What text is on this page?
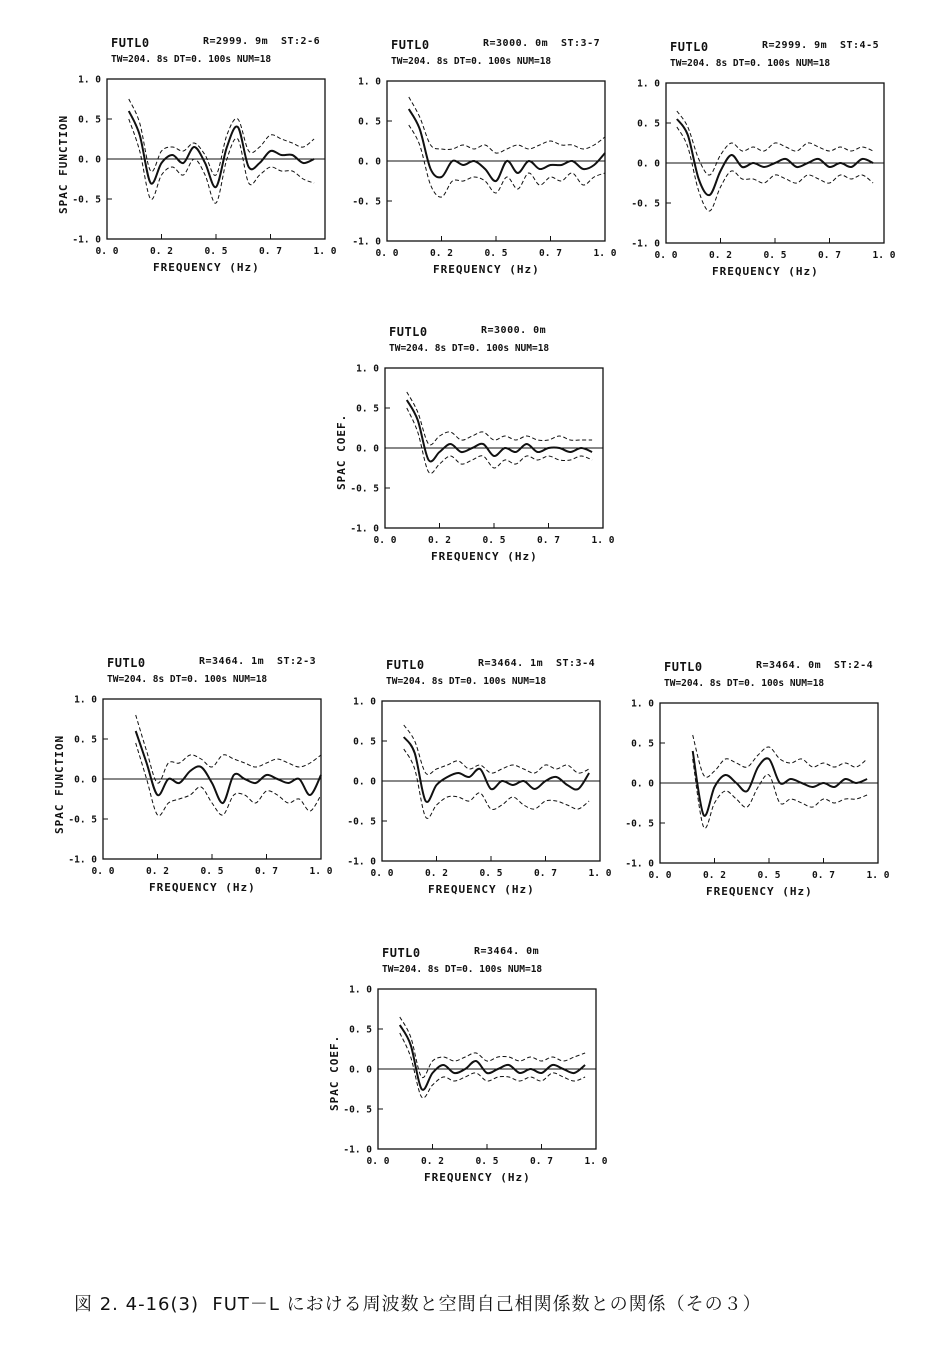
FUTL0	R=2999. 9m ST:2-6
TW=204. 8s DT=0. 100s NUM=18
SPAC FUNCTION
FREQUENCY (Hz)
1. 0
0. 5
0. 0
-0. 5
-1. 0
0. 0	0. 2	0. 5	0. 7	1. 0
FUTL0	R=3000. 0m ST:3-7
TW=204. 8s DT=0. 100s NUM=18
FREQUENCY (Hz)
1. 0
0. 5
0. 0
-0. 5
-1. 0
0. 0	0. 2	0. 5	0. 7	1. 0
FUTL0	R=2999. 9m ST:4-5
TW=204. 8s DT=0. 100s NUM=18
FREQUENCY (Hz)
1. 0
0. 5
0. 0
-0. 5
-1. 0
0. 0	0. 2	0. 5	0. 7	1. 0
FUTL0	R=3000. 0m
TW=204. 8s DT=0. 100s NUM=18
SPAC COEF.
FREQUENCY (Hz)
1. 0
0. 5
0. 0
-0. 5
-1. 0
0. 0	0. 2	0. 5	0. 7	1. 0
FUTL0	R=3464. 1m ST:2-3
TW=204. 8s DT=0. 100s NUM=18
SPAC FUNCTION
FREQUENCY (Hz)
1. 0
0. 5
0. 0
-0. 5
-1. 0
0. 0	0. 2	0. 5	0. 7	1. 0
FUTL0	R=3464. 1m ST:3-4
TW=204. 8s DT=0. 100s NUM=18
FREQUENCY (Hz)
1. 0
0. 5
0. 0
-0. 5
-1. 0
0. 0	0. 2	0. 5	0. 7	1. 0
FUTL0	R=3464. 0m ST:2-4
TW=204. 8s DT=0. 100s NUM=18
FREQUENCY (Hz)
1. 0
0. 5
0. 0
-0. 5
-1. 0
0. 0	0. 2	0. 5	0. 7	1. 0
FUTL0	R=3464. 0m
TW=204. 8s DT=0. 100s NUM=18
SPAC COEF.
FREQUENCY (Hz)
1. 0
0. 5
0. 0
-0. 5
-1. 0
0. 0	0. 2	0. 5	0. 7	1. 0
図 2. 4-16(3)  FUT－L における周波数と空間自己相関係数との関係（その３）
